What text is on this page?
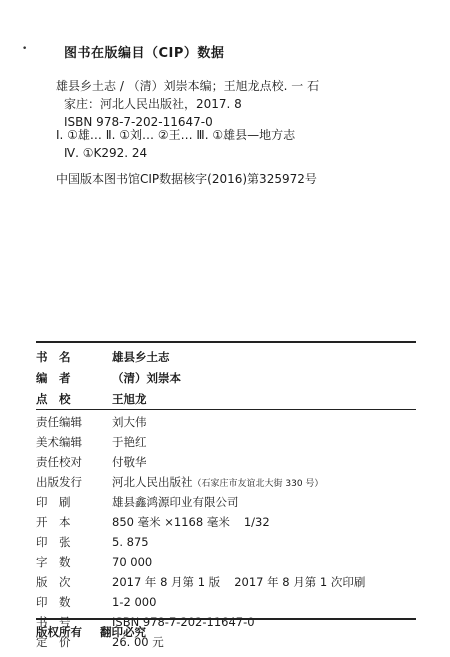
•	图书在版编目（CIP）数据
雄县乡土志 / （清）刘崇本编；王旭龙点校. 一 石
家庄：河北人民出版社，2017. 8
ISBN 978-7-202-11647-0
Ⅰ. ①雄… Ⅱ. ①刘… ②王… Ⅲ. ①雄县—地方志
Ⅳ. ①K292. 24
中国版本图书馆CIP数据核字(2016)第325972号
书　名	雄县乡土志
编　者	（清）刘崇本
点　校	王旭龙
责任编辑	刘大伟
美术编辑	于艳红
责任校对	付敬华
出版发行	河北人民出版社（石家庄市友谊北大街 330 号）
印　刷	雄县鑫鸿源印业有限公司
开　本	850 毫米 ×1168 毫米 1/32
印　张	5. 875
字　数	70 000
版　次	2017 年 8 月第 1 版 2017 年 8 月第 1 次印刷
印　数	1-2 000
书　号	ISBN 978-7-202-11647-0
定　价	26. 00 元
版权所有 翻印必究
